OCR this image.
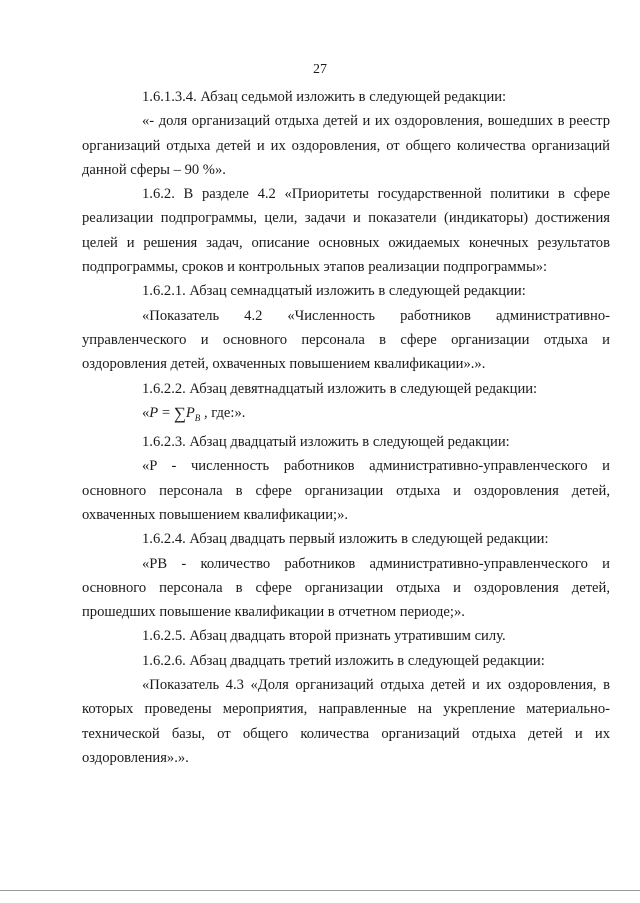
27

1.6.1.3.4. Абзац седьмой изложить в следующей редакции:

«- доля организаций отдыха детей и их оздоровления, вошедших в реестр организаций отдыха детей и их оздоровления, от общего количества организаций данной сферы – 90 %».

1.6.2. В разделе 4.2 «Приоритеты государственной политики в сфере реализации подпрограммы, цели, задачи и показатели (индикаторы) достижения целей и решения задач, описание основных ожидаемых конечных результатов подпрограммы, сроков и контрольных этапов реализации подпрограммы»:

1.6.2.1. Абзац семнадцатый изложить в следующей редакции:

«Показатель 4.2 «Численность работников административно-управленческого и основного персонала в сфере организации отдыха и оздоровления детей, охваченных повышением квалификации».».

1.6.2.2. Абзац девятнадцатый изложить в следующей редакции:

«$P = \sum P_B$ , где:».

1.6.2.3. Абзац двадцатый изложить в следующей редакции:

«P - численность работников административно-управленческого и основного персонала в сфере организации отдыха и оздоровления детей, охваченных повышением квалификации;».

1.6.2.4. Абзац двадцать первый изложить в следующей редакции:

«PB - количество работников административно-управленческого и основного персонала в сфере организации отдыха и оздоровления детей, прошедших повышение квалификации в отчетном периоде;».

1.6.2.5. Абзац двадцать второй признать утратившим силу.

1.6.2.6. Абзац двадцать третий изложить в следующей редакции:

«Показатель 4.3 «Доля организаций отдыха детей и их оздоровления, в которых проведены мероприятия, направленные на укрепление материально-технической базы, от общего количества организаций отдыха детей и их оздоровления».».
